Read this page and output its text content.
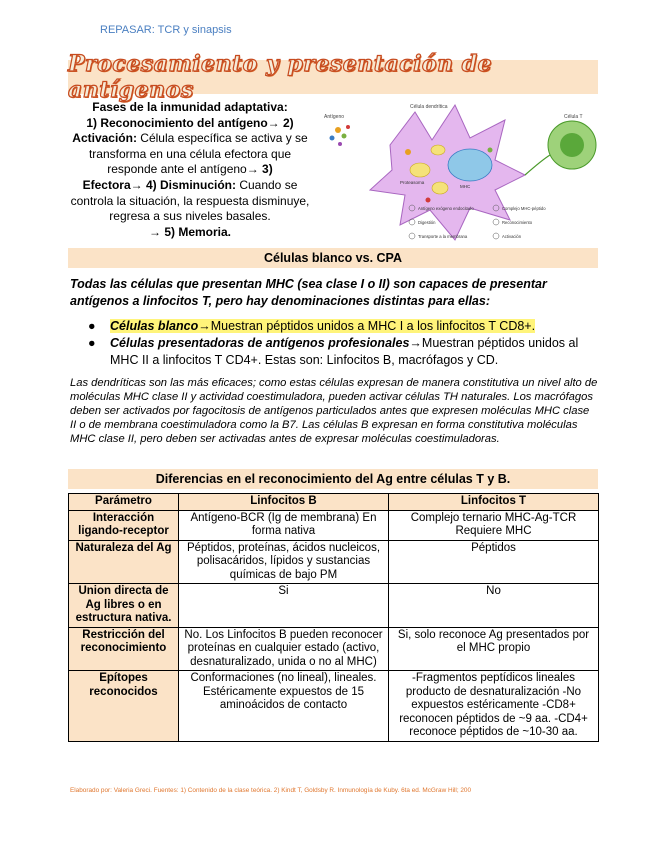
REPASAR: TCR y sinapsis
Procesamiento y presentación de antígenos
Fases de la inmunidad adaptativa:
1) Reconocimiento del antígeno→ 2)
Activación: Célula específica se activa y se transforma en una célula efectora que responde ante el antígeno→ 3)
Efectora→ 4) Disminución: Cuando se controla la situación, la respuesta disminuye, regresa a sus niveles basales.
→ 5) Memoria.
Antígeno
Célula dendrítica
MHC
Proteasoma
Célula T
Antígeno exógeno endocitado
Digestión
Transporte a la membrana
Complejo MHC-péptido
Reconocimiento
Activación
Células blanco vs. CPA
Todas las células que presentan MHC (sea clase I o II) son capaces de presentar antígenos a linfocitos T, pero hay denominaciones distintas para ellas:
● Células blanco→Muestran péptidos unidos a MHC I a los linfocitos T CD8+.
● Células presentadoras de antígenos profesionales→Muestran péptidos unidos al MHC II a linfocitos T CD4+. Estas son: Linfocitos B, macrófagos y CD.
Las dendríticas son las más eficaces; como estas células expresan de manera constitutiva un nivel alto de moléculas MHC clase II y actividad coestimuladora, pueden activar células TH naturales. Los macrófagos deben ser activados por fagocitosis de antígenos particulados antes que expresen moléculas MHC clase II o de membrana coestimuladora como la B7. Las células B expresan en forma constitutiva moléculas MHC clase II, pero deben ser activadas antes de expresar moléculas coestimuladoras.
Diferencias en el reconocimiento del Ag entre células T y B.
Parámetro	Linfocitos B	Linfocitos T
Interacción ligando-receptor	Antígeno-BCR (Ig de membrana) En forma nativa	Complejo ternario MHC-Ag-TCR Requiere MHC
Naturaleza del Ag	Péptidos, proteínas, ácidos nucleicos, polisacáridos, lípidos y sustancias químicas de bajo PM	Péptidos
Union directa de Ag libres o en estructura nativa.	Si	No
Restricción del reconocimiento	No. Los Linfocitos B pueden reconocer proteínas en cualquier estado (activo, desnaturalizado, unida o no al MHC)	Si, solo reconoce Ag presentados por el MHC propio
Epítopes reconocidos	Conformaciones (no lineal), lineales. Estéricamente expuestos de 15 aminoácidos de contacto	-Fragmentos peptídicos lineales producto de desnaturalización -No expuestos estéricamente -CD8+ reconocen péptidos de ~9 aa. -CD4+ reconoce péptidos de ~10-30 aa.
Elaborado por: Valeria Greci. Fuentes: 1) Contenido de la clase teórica. 2) Kindt T, Goldsby R. Inmunología de Kuby. 6ta ed. McGraw Hill; 200
